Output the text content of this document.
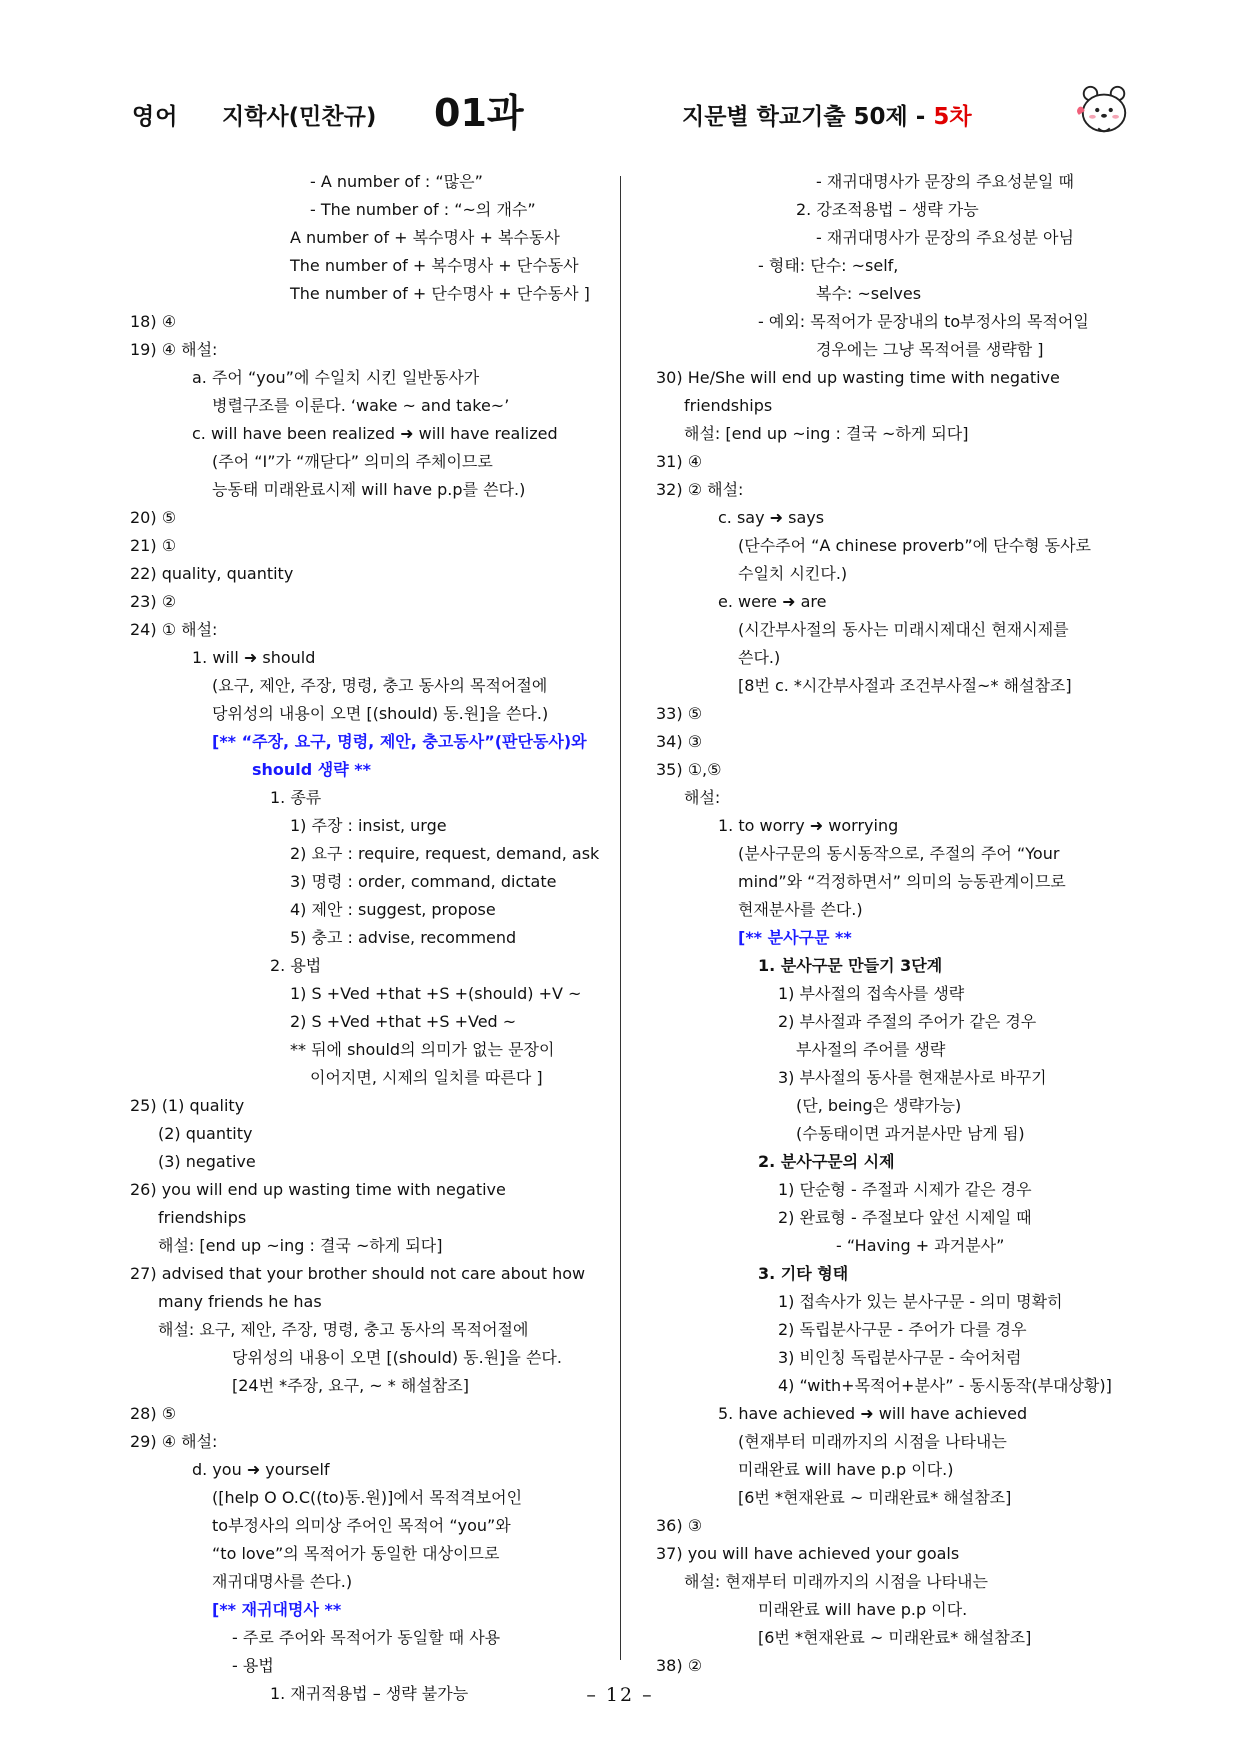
영어 지학사(민찬규) 01과	지문별 학교기출 50제 - 5차
- A number of : “많은”
- The number of : “~의 개수”
A number of + 복수명사 + 복수동사
The number of + 복수명사 + 단수동사
The number of + 단수명사 + 단수동사 ]
18) ④
19) ④ 해설:
a. 주어 “you”에 수일치 시킨 일반동사가
병렬구조를 이룬다. ‘wake ~ and take~’
c. will have been realized ➜ will have realized
(주어 “I”가 “깨닫다” 의미의 주체이므로
능동태 미래완료시제 will have p.p를 쓴다.)
20) ⑤
21) ①
22) quality, quantity
23) ②
24) ① 해설:
1. will ➜ should
(요구, 제안, 주장, 명령, 충고 동사의 목적어절에
당위성의 내용이 오면 [(should) 동.원]을 쓴다.)
[** “주장, 요구, 명령, 제안, 충고동사”(판단동사)와
should 생략 **
1. 종류
1) 주장 : insist, urge
2) 요구 : require, request, demand, ask
3) 명령 : order, command, dictate
4) 제안 : suggest, propose
5) 충고 : advise, recommend
2. 용법
1) S +Ved +that +S +(should) +V ~
2) S +Ved +that +S +Ved ~
** 뒤에 should의 의미가 없는 문장이
이어지면, 시제의 일치를 따른다 ]
25) (1) quality
(2) quantity
(3) negative
26) you will end up wasting time with negative
friendships
해설: [end up ~ing : 결국 ~하게 되다]
27) advised that your brother should not care about how
many friends he has
해설: 요구, 제안, 주장, 명령, 충고 동사의 목적어절에
당위성의 내용이 오면 [(should) 동.원]을 쓴다.
[24번 *주장, 요구, ~ * 해설참조]
28) ⑤
29) ④ 해설:
d. you ➜ yourself
([help O O.C((to)동.원)]에서 목적격보어인
to부정사의 의미상 주어인 목적어 “you”와
“to love”의 목적어가 동일한 대상이므로
재귀대명사를 쓴다.)
[** 재귀대명사 **
- 주로 주어와 목적어가 동일할 때 사용
- 용법
1. 재귀적용법 – 생략 불가능
- 재귀대명사가 문장의 주요성분일 때
2. 강조적용법 – 생략 가능
- 재귀대명사가 문장의 주요성분 아님
- 형태: 단수: ~self,
복수: ~selves
- 예외: 목적어가 문장내의 to부정사의 목적어일
경우에는 그냥 목적어를 생략함 ]
30) He/She will end up wasting time with negative
friendships
해설: [end up ~ing : 결국 ~하게 되다]
31) ④
32) ② 해설:
c. say ➜ says
(단수주어 “A chinese proverb”에 단수형 동사로
수일치 시킨다.)
e. were ➜ are
(시간부사절의 동사는 미래시제대신 현재시제를
쓴다.)
[8번 c. *시간부사절과 조건부사절~* 해설참조]
33) ⑤
34) ③
35) ①,⑤
해설:
1. to worry ➜ worrying
(분사구문의 동시동작으로, 주절의 주어 “Your
mind”와 “걱정하면서” 의미의 능동관계이므로
현재분사를 쓴다.)
[** 분사구문 **
1. 분사구문 만들기 3단계
1) 부사절의 접속사를 생략
2) 부사절과 주절의 주어가 같은 경우
부사절의 주어를 생략
3) 부사절의 동사를 현재분사로 바꾸기
(단, being은 생략가능)
(수동태이면 과거분사만 남게 됨)
2. 분사구문의 시제
1) 단순형 - 주절과 시제가 같은 경우
2) 완료형 - 주절보다 앞선 시제일 때
- “Having + 과거분사”
3. 기타 형태
1) 접속사가 있는 분사구문 - 의미 명확히
2) 독립분사구문 - 주어가 다를 경우
3) 비인칭 독립분사구문 - 숙어처럼
4) “with+목적어+분사” - 동시동작(부대상황)]
5. have achieved ➜ will have achieved
(현재부터 미래까지의 시점을 나타내는
미래완료 will have p.p 이다.)
[6번 *현재완료 ~ 미래완료* 해설참조]
36) ③
37) you will have achieved your goals
해설: 현재부터 미래까지의 시점을 나타내는
미래완료 will have p.p 이다.
[6번 *현재완료 ~ 미래완료* 해설참조]
38) ②
– 12 –
